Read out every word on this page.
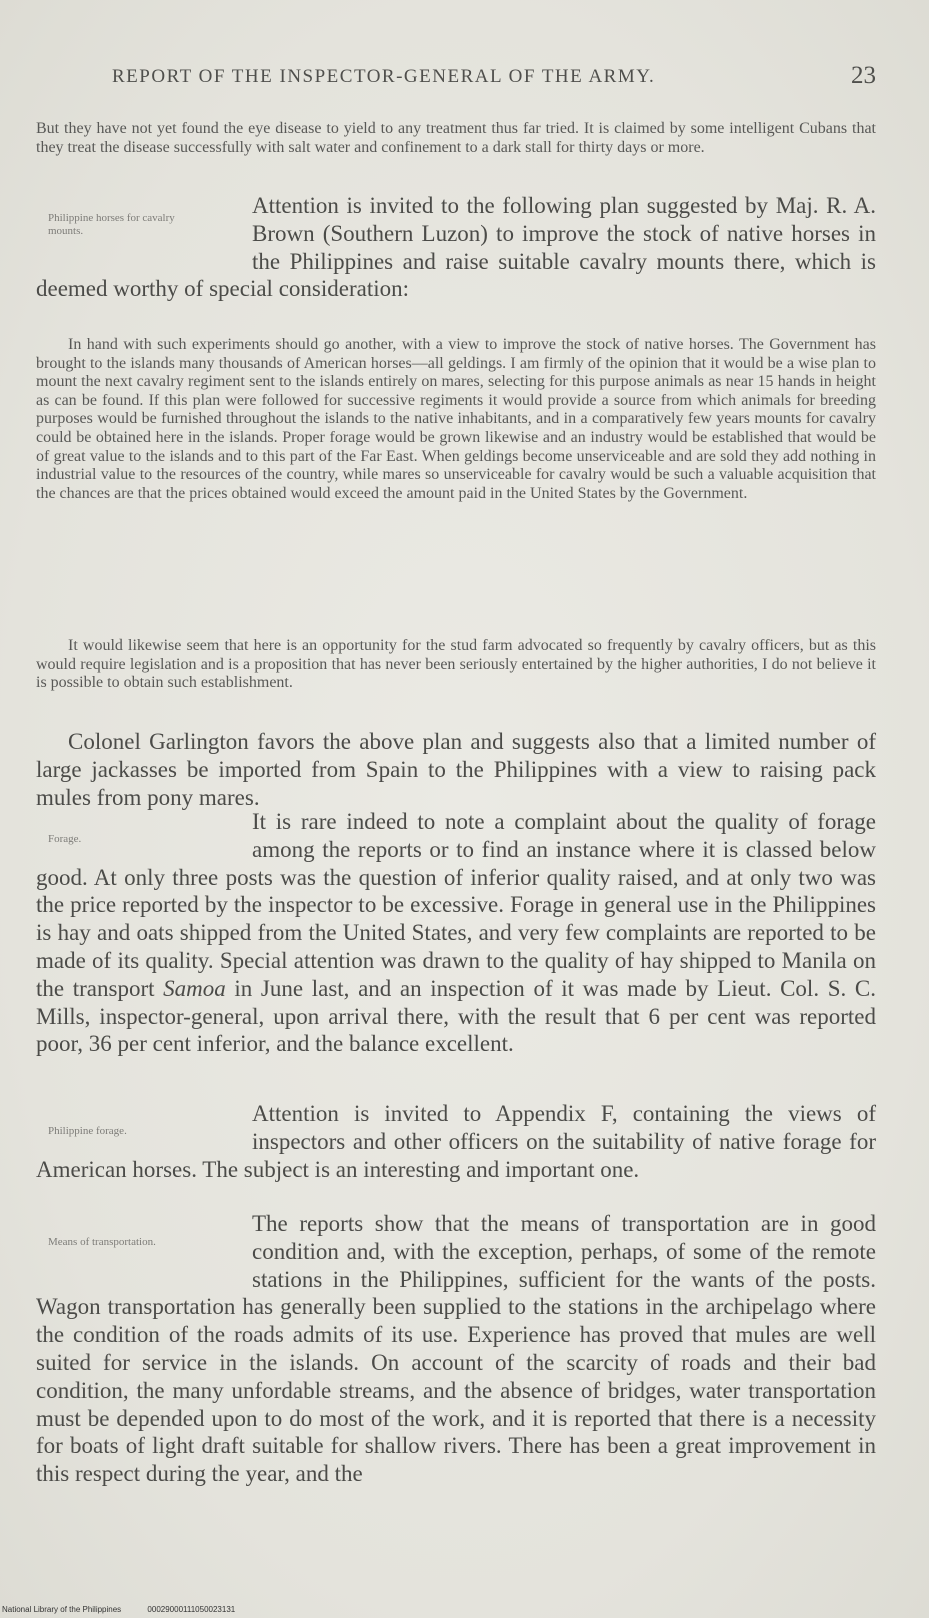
REPORT OF THE INSPECTOR-GENERAL OF THE ARMY.	23
But they have not yet found the eye disease to yield to any treatment thus far tried. It is claimed by some intelligent Cubans that they treat the disease successfully with salt water and confinement to a dark stall for thirty days or more.
Philippine horses for cavalry mounts.
Attention is invited to the following plan suggested by Maj. R. A. Brown (Southern Luzon) to improve the stock of native horses in the Philippines and raise suitable cavalry mounts there, which is deemed worthy of special consideration:
In hand with such experiments should go another, with a view to improve the stock of native horses. The Government has brought to the islands many thousands of American horses—all geldings. I am firmly of the opinion that it would be a wise plan to mount the next cavalry regiment sent to the islands entirely on mares, selecting for this purpose animals as near 15 hands in height as can be found. If this plan were followed for successive regiments it would provide a source from which animals for breeding purposes would be furnished throughout the islands to the native inhabitants, and in a comparatively few years mounts for cavalry could be obtained here in the islands. Proper forage would be grown likewise and an industry would be established that would be of great value to the islands and to this part of the Far East. When geldings become unserviceable and are sold they add nothing in industrial value to the resources of the country, while mares so unserviceable for cavalry would be such a valuable acquisition that the chances are that the prices obtained would exceed the amount paid in the United States by the Government.
It would likewise seem that here is an opportunity for the stud farm advocated so frequently by cavalry officers, but as this would require legislation and is a proposition that has never been seriously entertained by the higher authorities, I do not believe it is possible to obtain such establishment.
Colonel Garlington favors the above plan and suggests also that a limited number of large jackasses be imported from Spain to the Philippines with a view to raising pack mules from pony mares.
Forage.
It is rare indeed to note a complaint about the quality of forage among the reports or to find an instance where it is classed below good. At only three posts was the question of inferior quality raised, and at only two was the price reported by the inspector to be excessive. Forage in general use in the Philippines is hay and oats shipped from the United States, and very few complaints are reported to be made of its quality. Special attention was drawn to the quality of hay shipped to Manila on the transport Samoa in June last, and an inspection of it was made by Lieut. Col. S. C. Mills, inspector-general, upon arrival there, with the result that 6 per cent was reported poor, 36 per cent inferior, and the balance excellent.
Philippine forage.
Attention is invited to Appendix F, containing the views of inspectors and other officers on the suitability of native forage for American horses. The subject is an interesting and important one.
Means of transportation.
The reports show that the means of transportation are in good condition and, with the exception, perhaps, of some of the remote stations in the Philippines, sufficient for the wants of the posts. Wagon transportation has generally been supplied to the stations in the archipelago where the condition of the roads admits of its use. Experience has proved that mules are well suited for service in the islands. On account of the scarcity of roads and their bad condition, the many unfordable streams, and the absence of bridges, water transportation must be depended upon to do most of the work, and it is reported that there is a necessity for boats of light draft suitable for shallow rivers. There has been a great improvement in this respect during the year, and the
National Library of the Philippines	00029000111050023131
